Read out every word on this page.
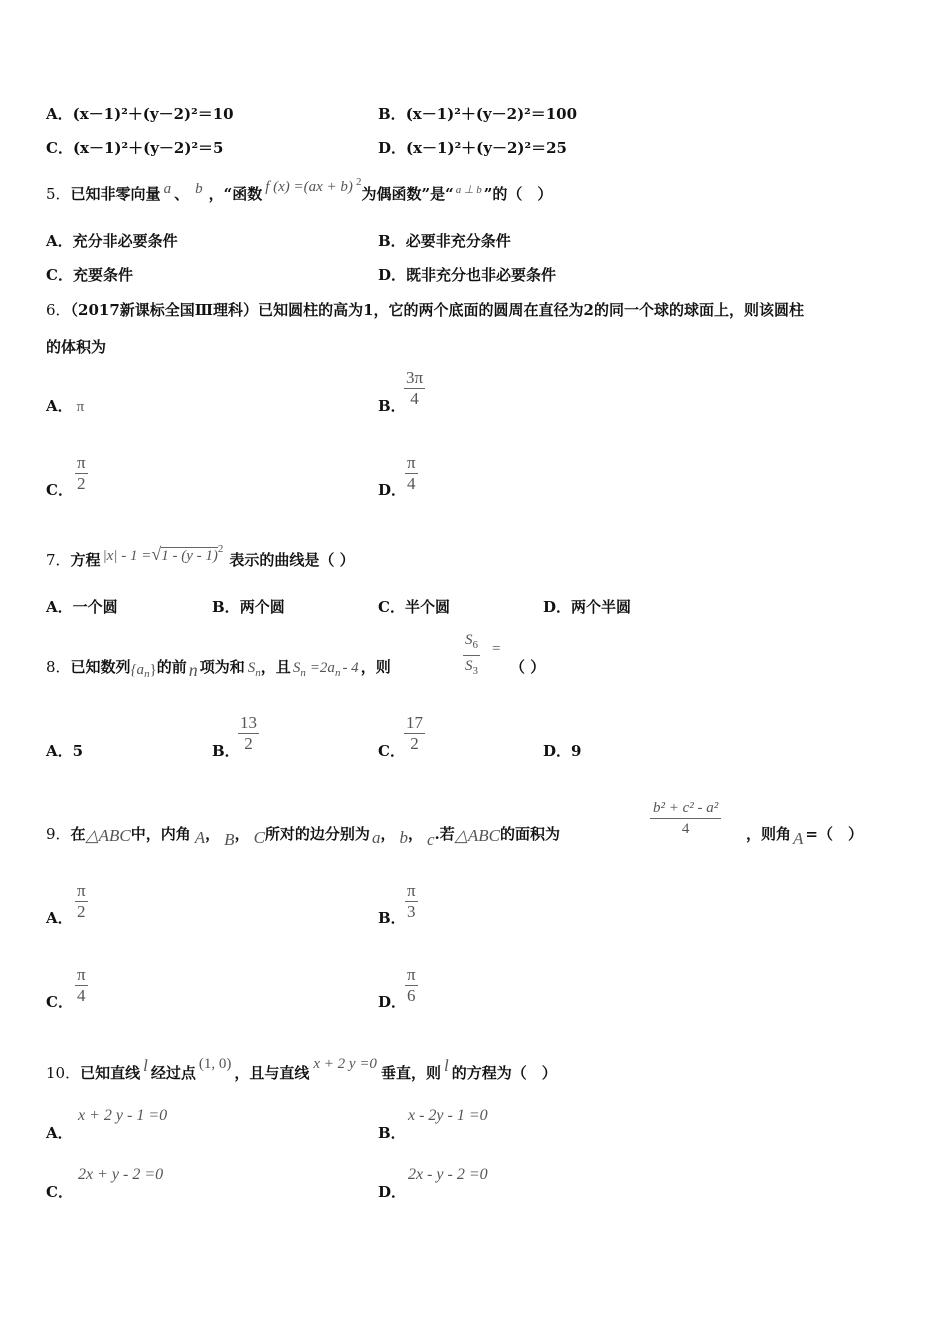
A．(x－1)²＋(y－2)²＝10	B．(x－1)²＋(y－2)²＝100
C．(x－1)²＋(y－2)²＝5	D．(x－1)²＋(y－2)²＝25
5．已知非零向量 a 、 b ，“函数 f (x) =(ax + b) $^2$为偶函数”是“ $^{a \perp b}$ ”的（　）
A．充分非必要条件	B．必要非充分条件
C．充要条件	D．既非充分也非必要条件
6．（2017新课标全国Ⅲ理科）已知圆柱的高为1，它的两个底面的圆周在直径为2的同一个球的球面上，则该圆柱
的体积为
A． π	B．
3π
4
C．
π
2	D．
π
4
7．方程 |x| - 1 =√1 - (y - 1)$^2$表示的曲线是（ ）
A．一个圆	B．两个圆	C．半个圆	D．两个半圆
8．已知数列$\{a_n\}$的前 n 项为和 $S_n$，且 $S_n =2a_n - 4$ ，则
$S_6$
$S_3$
=
（ ）
A．5	B．
13
2	C．
17
2	D．9
9．在△ABC中，内角 A， B， C所对的边分别为 a， b， c.若△ABC的面积为
b² + c² - a²
4	，则角 A =（　）
A．
π
2	B．
π
3
C．
π
4	D．
π
6
10．已知直线 l 经过点 (1, 0) ，且与直线 x + 2 y =0 垂直，则 l 的方程为（　）
A．
x + 2 y - 1 =0
B．
x - 2y - 1 =0
C．
2x + y - 2 =0
D．
2x - y - 2 =0
